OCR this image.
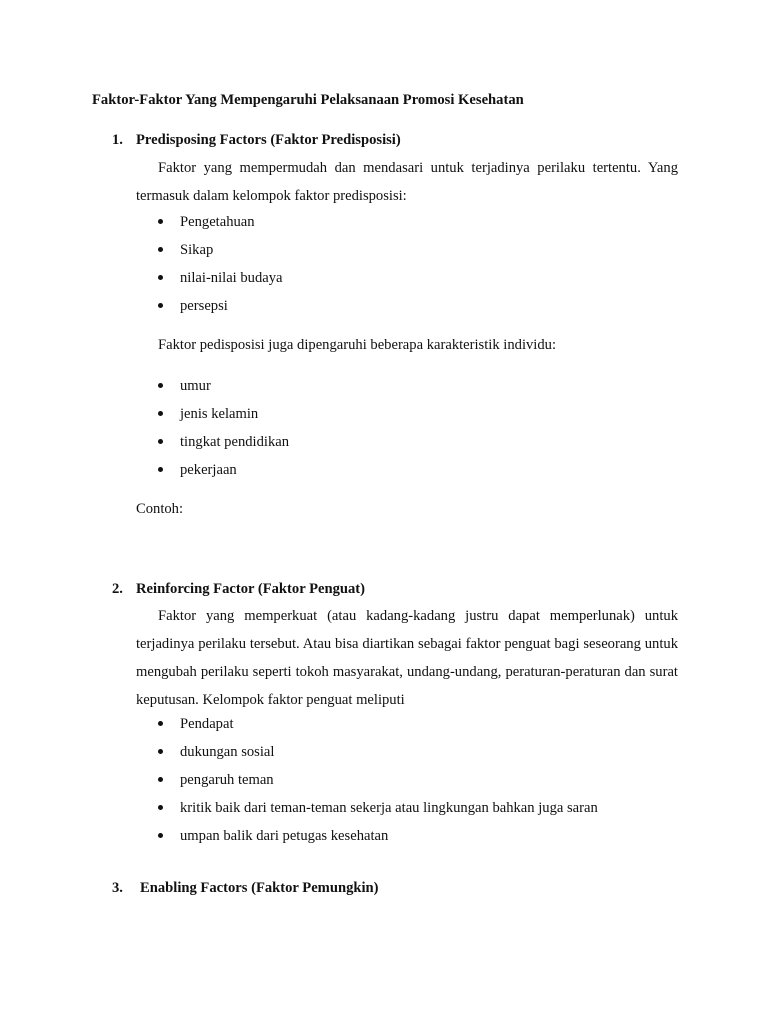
Faktor-Faktor Yang Mempengaruhi Pelaksanaan Promosi Kesehatan
1. Predisposing Factors (Faktor Predisposisi)

Faktor yang mempermudah dan mendasari untuk terjadinya perilaku tertentu. Yang termasuk dalam kelompok faktor predisposisi:

Pengetahuan
Sikap
nilai-nilai budaya
persepsi
Faktor pedisposisi juga dipengaruhi beberapa karakteristik individu:
umur
jenis kelamin
tingkat pendidikan
pekerjaan
Contoh:
2. Reinforcing Factor (Faktor Penguat)

Faktor yang memperkuat (atau kadang-kadang justru dapat memperlunak) untuk terjadinya perilaku tersebut. Atau bisa diartikan sebagai faktor penguat bagi seseorang untuk mengubah perilaku seperti tokoh masyarakat, undang-undang, peraturan-peraturan dan surat keputusan. Kelompok faktor penguat meliputi

Pendapat
dukungan sosial
pengaruh teman
kritik baik dari teman-teman sekerja atau lingkungan bahkan juga saran
umpan balik dari petugas kesehatan
3. Enabling Factors (Faktor Pemungkin)
